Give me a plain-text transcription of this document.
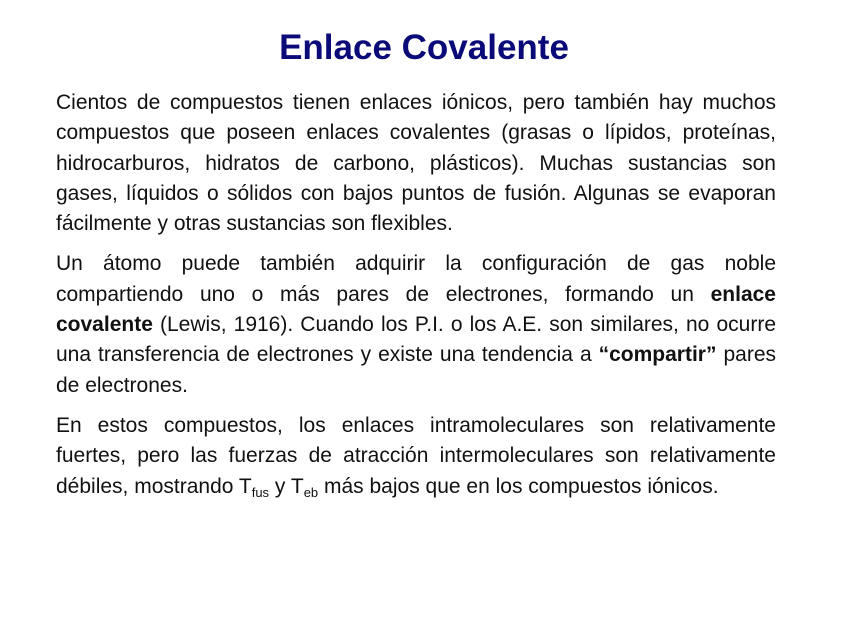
Enlace Covalente

Cientos de compuestos tienen enlaces iónicos, pero también hay muchos compuestos que poseen enlaces covalentes (grasas o lípidos, proteínas, hidrocarburos, hidratos de carbono, plásticos). Muchas sustancias son gases, líquidos o sólidos con bajos puntos de fusión. Algunas se evaporan fácilmente y otras sustancias son flexibles.

Un átomo puede también adquirir la configuración de gas noble compartiendo uno o más pares de electrones, formando un enlace covalente (Lewis, 1916). Cuando los P.I. o los A.E. son similares, no ocurre una transferencia de electrones y existe una tendencia a “compartir” pares de electrones.

En estos compuestos, los enlaces intramoleculares son relativamente fuertes, pero las fuerzas de atracción intermoleculares son relativamente débiles, mostrando $T_{fus}$ y $T_{eb}$ más bajos que en los compuestos iónicos.
